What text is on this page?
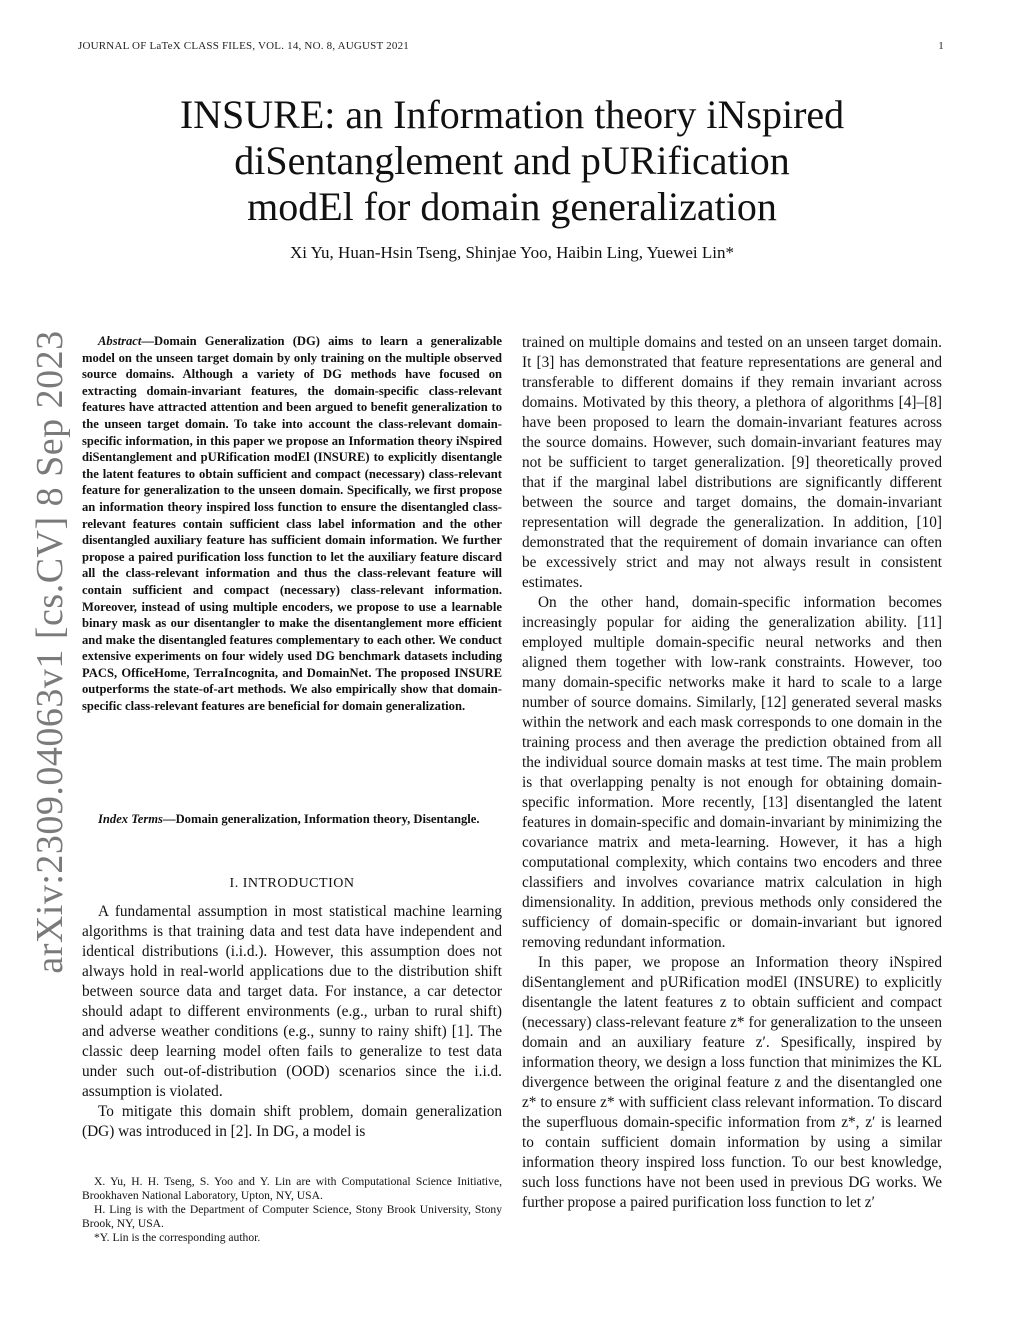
JOURNAL OF LaTeX CLASS FILES, VOL. 14, NO. 8, AUGUST 2021	1
arXiv:2309.04063v1 [cs.CV] 8 Sep 2023
INSURE: an Information theory iNspired
diSentanglement and pURification
modEl for domain generalization
Xi Yu, Huan-Hsin Tseng, Shinjae Yoo, Haibin Ling, Yuewei Lin*

Abstract—Domain Generalization (DG) aims to learn a generalizable model on the unseen target domain by only training on the multiple observed source domains. Although a variety of DG methods have focused on extracting domain-invariant features, the domain-specific class-relevant features have attracted attention and been argued to benefit generalization to the unseen target domain. To take into account the class-relevant domain-specific information, in this paper we propose an Information theory iNspired diSentanglement and pURification modEl (INSURE) to explicitly disentangle the latent features to obtain sufficient and compact (necessary) class-relevant feature for generalization to the unseen domain. Specifically, we first propose an information theory inspired loss function to ensure the disentangled class-relevant features contain sufficient class label information and the other disentangled auxiliary feature has sufficient domain information. We further propose a paired purification loss function to let the auxiliary feature discard all the class-relevant information and thus the class-relevant feature will contain sufficient and compact (necessary) class-relevant information. Moreover, instead of using multiple encoders, we propose to use a learnable binary mask as our disentangler to make the disentanglement more efficient and make the disentangled features complementary to each other. We conduct extensive experiments on four widely used DG benchmark datasets including PACS, OfficeHome, TerraIncognita, and DomainNet. The proposed INSURE outperforms the state-of-art methods. We also empirically show that domain-specific class-relevant features are beneficial for domain generalization.

Index Terms—Domain generalization, Information theory, Disentangle.

I. INTRODUCTION

A fundamental assumption in most statistical machine learning algorithms is that training data and test data have independent and identical distributions (i.i.d.). However, this assumption does not always hold in real-world applications due to the distribution shift between source data and target data. For instance, a car detector should adapt to different environments (e.g., urban to rural shift) and adverse weather conditions (e.g., sunny to rainy shift) [1]. The classic deep learning model often fails to generalize to test data under such out-of-distribution (OOD) scenarios since the i.i.d. assumption is violated.

To mitigate this domain shift problem, domain generalization (DG) was introduced in [2]. In DG, a model is

X. Yu, H. H. Tseng, S. Yoo and Y. Lin are with Computational Science Initiative, Brookhaven National Laboratory, Upton, NY, USA.

H. Ling is with the Department of Computer Science, Stony Brook University, Stony Brook, NY, USA.

*Y. Lin is the corresponding author.

trained on multiple domains and tested on an unseen target domain. It [3] has demonstrated that feature representations are general and transferable to different domains if they remain invariant across domains. Motivated by this theory, a plethora of algorithms [4]–[8] have been proposed to learn the domain-invariant features across the source domains. However, such domain-invariant features may not be sufficient to target generalization. [9] theoretically proved that if the marginal label distributions are significantly different between the source and target domains, the domain-invariant representation will degrade the generalization. In addition, [10] demonstrated that the requirement of domain invariance can often be excessively strict and may not always result in consistent estimates.

On the other hand, domain-specific information becomes increasingly popular for aiding the generalization ability. [11] employed multiple domain-specific neural networks and then aligned them together with low-rank constraints. However, too many domain-specific networks make it hard to scale to a large number of source domains. Similarly, [12] generated several masks within the network and each mask corresponds to one domain in the training process and then average the prediction obtained from all the individual source domain masks at test time. The main problem is that overlapping penalty is not enough for obtaining domain-specific information. More recently, [13] disentangled the latent features in domain-specific and domain-invariant by minimizing the covariance matrix and meta-learning. However, it has a high computational complexity, which contains two encoders and three classifiers and involves covariance matrix calculation in high dimensionality. In addition, previous methods only considered the sufficiency of domain-specific or domain-invariant but ignored removing redundant information.

In this paper, we propose an Information theory iNspired diSentanglement and pURification modEl (INSURE) to explicitly disentangle the latent features z to obtain sufficient and compact (necessary) class-relevant feature z* for generalization to the unseen domain and an auxiliary feature z′. Spesifically, inspired by information theory, we design a loss function that minimizes the KL divergence between the original feature z and the disentangled one z* to ensure z* with sufficient class relevant information. To discard the superfluous domain-specific information from z*, z′ is learned to contain sufficient domain information by using a similar information theory inspired loss function. To our best knowledge, such loss functions have not been used in previous DG works. We further propose a paired purification loss function to let z′
